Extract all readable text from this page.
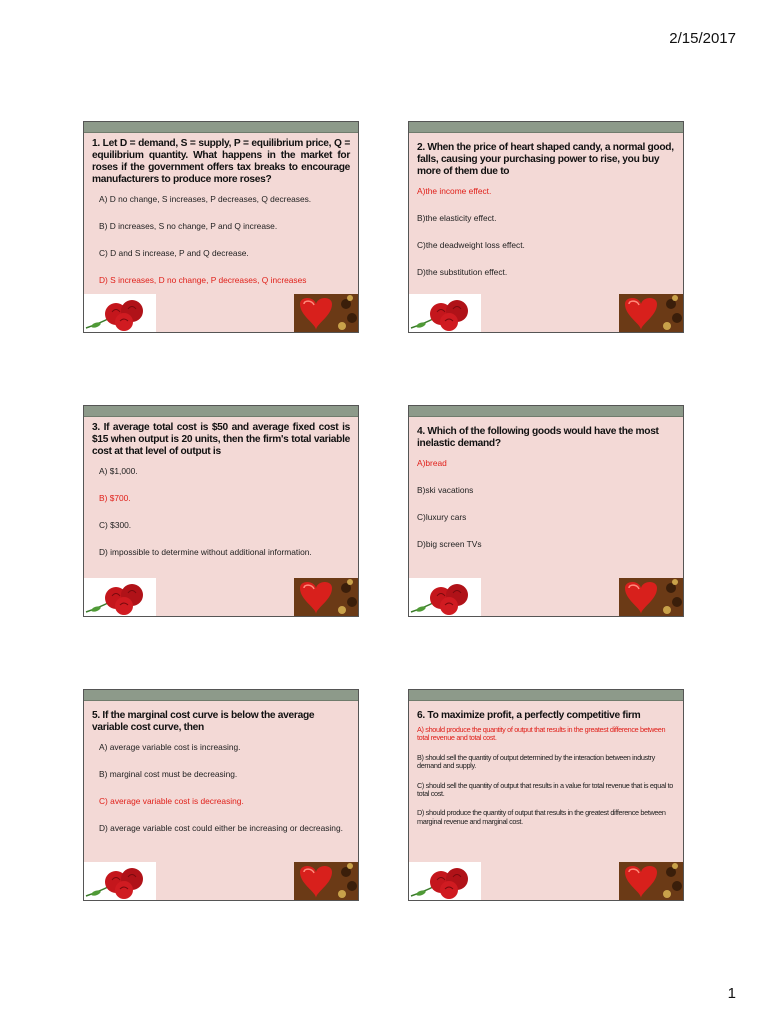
2/15/2017
1. Let D = demand, S = supply, P = equilibrium price, Q = equilibrium quantity. What happens in the market for roses if the government offers tax breaks to encourage manufacturers to produce more roses?
A) D no change, S increases, P decreases, Q decreases.
B) D increases, S no change, P and Q increase.
C) D and S increase, P and Q decrease.
D) S increases, D no change, P decreases, Q increases
2. When the price of heart shaped candy, a normal good, falls, causing your purchasing power to rise, you buy more of them due to
A)the income effect.
B)the elasticity effect.
C)the deadweight loss effect.
D)the substitution effect.
3. If average total cost is $50 and average fixed cost is $15 when output is 20 units, then the firm's total variable cost at that level of output is
A) $1,000.
B) $700.
C) $300.
D) impossible to determine without additional information.
4. Which of the following goods would have the most inelastic demand?
A)bread
B)ski vacations
C)luxury cars
D)big screen TVs
5. If the marginal cost curve is below the average variable cost curve, then
A) average variable cost is increasing.
B) marginal cost must be decreasing.
C) average variable cost is decreasing.
D) average variable cost could either be increasing or decreasing.
6. To maximize profit, a perfectly competitive firm
A) should produce the quantity of output that results in the greatest difference between total revenue and total cost.
B) should sell the quantity of output determined by the interaction between industry demand and supply.
C) should sell the quantity of output that results in a value for total revenue that is equal to total cost.
D) should produce the quantity of output that results in the greatest difference between marginal revenue and marginal cost.
1
